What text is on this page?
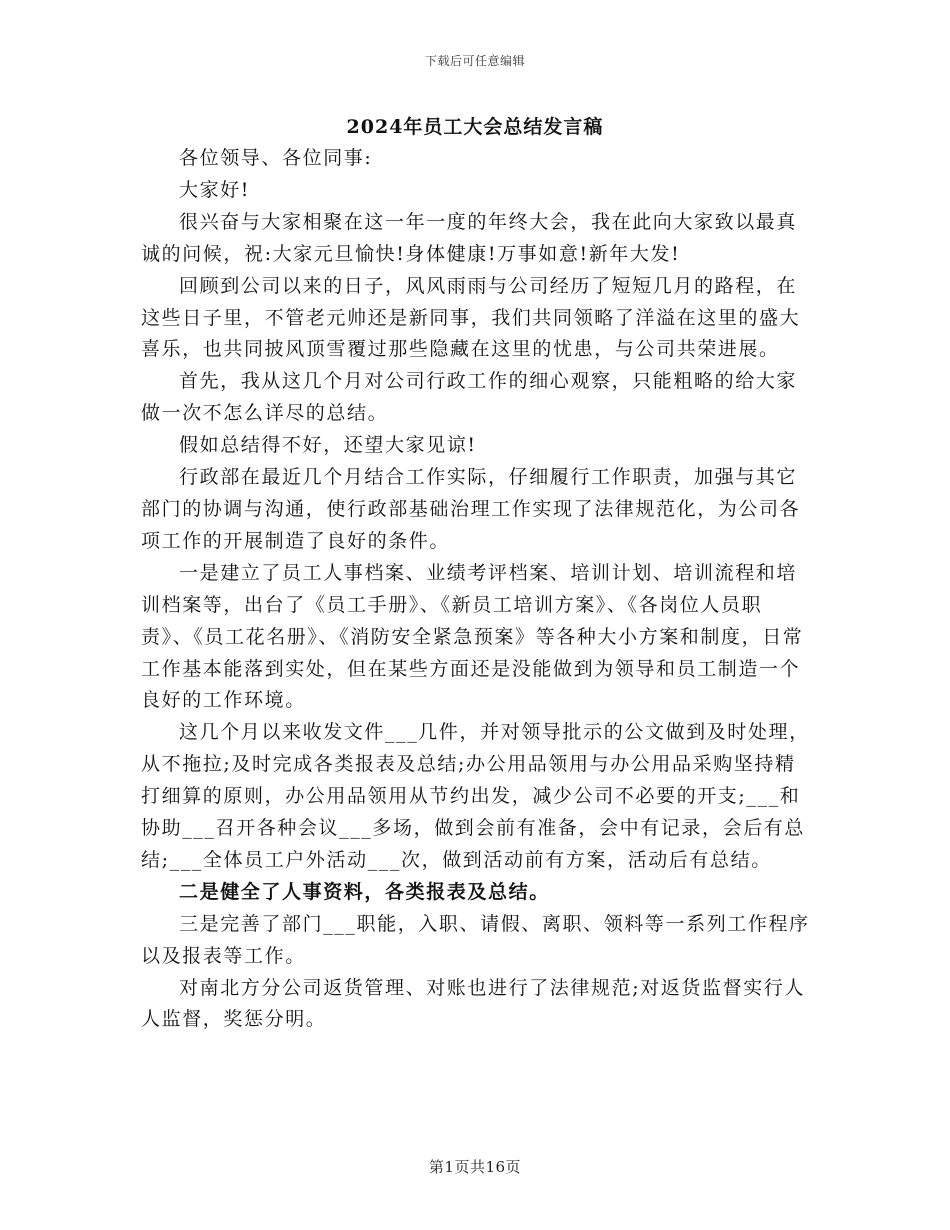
下载后可任意编辑
2024年员工大会总结发言稿

各位领导、各位同事:

大家好!

很兴奋与大家相聚在这一年一度的年终大会，我在此向大家致以最真诚的问候，祝:大家元旦愉快!身体健康!万事如意!新年大发!

回顾到公司以来的日子，风风雨雨与公司经历了短短几月的路程，在这些日子里，不管老元帅还是新同事，我们共同领略了洋溢在这里的盛大喜乐，也共同披风顶雪覆过那些隐藏在这里的忧患，与公司共荣进展。

首先，我从这几个月对公司行政工作的细心观察，只能粗略的给大家做一次不怎么详尽的总结。

假如总结得不好，还望大家见谅!

行政部在最近几个月结合工作实际，仔细履行工作职责，加强与其它部门的协调与沟通，使行政部基础治理工作实现了法律规范化，为公司各项工作的开展制造了良好的条件。

一是建立了员工人事档案、业绩考评档案、培训计划、培训流程和培训档案等，出台了《员工手册》、《新员工培训方案》、《各岗位人员职责》、《员工花名册》、《消防安全紧急预案》等各种大小方案和制度，日常工作基本能落到实处，但在某些方面还是没能做到为领导和员工制造一个良好的工作环境。

这几个月以来收发文件___几件，并对领导批示的公文做到及时处理，从不拖拉;及时完成各类报表及总结;办公用品领用与办公用品采购坚持精打细算的原则，办公用品领用从节约出发，减少公司不必要的开支;___和协助___召开各种会议___多场，做到会前有准备，会中有记录，会后有总结;___全体员工户外活动___次，做到活动前有方案，活动后有总结。

二是健全了人事资料，各类报表及总结。

三是完善了部门___职能，入职、请假、离职、领料等一系列工作程序以及报表等工作。

对南北方分公司返货管理、对账也进行了法律规范;对返货监督实行人人监督，奖惩分明。

第1页共16页
